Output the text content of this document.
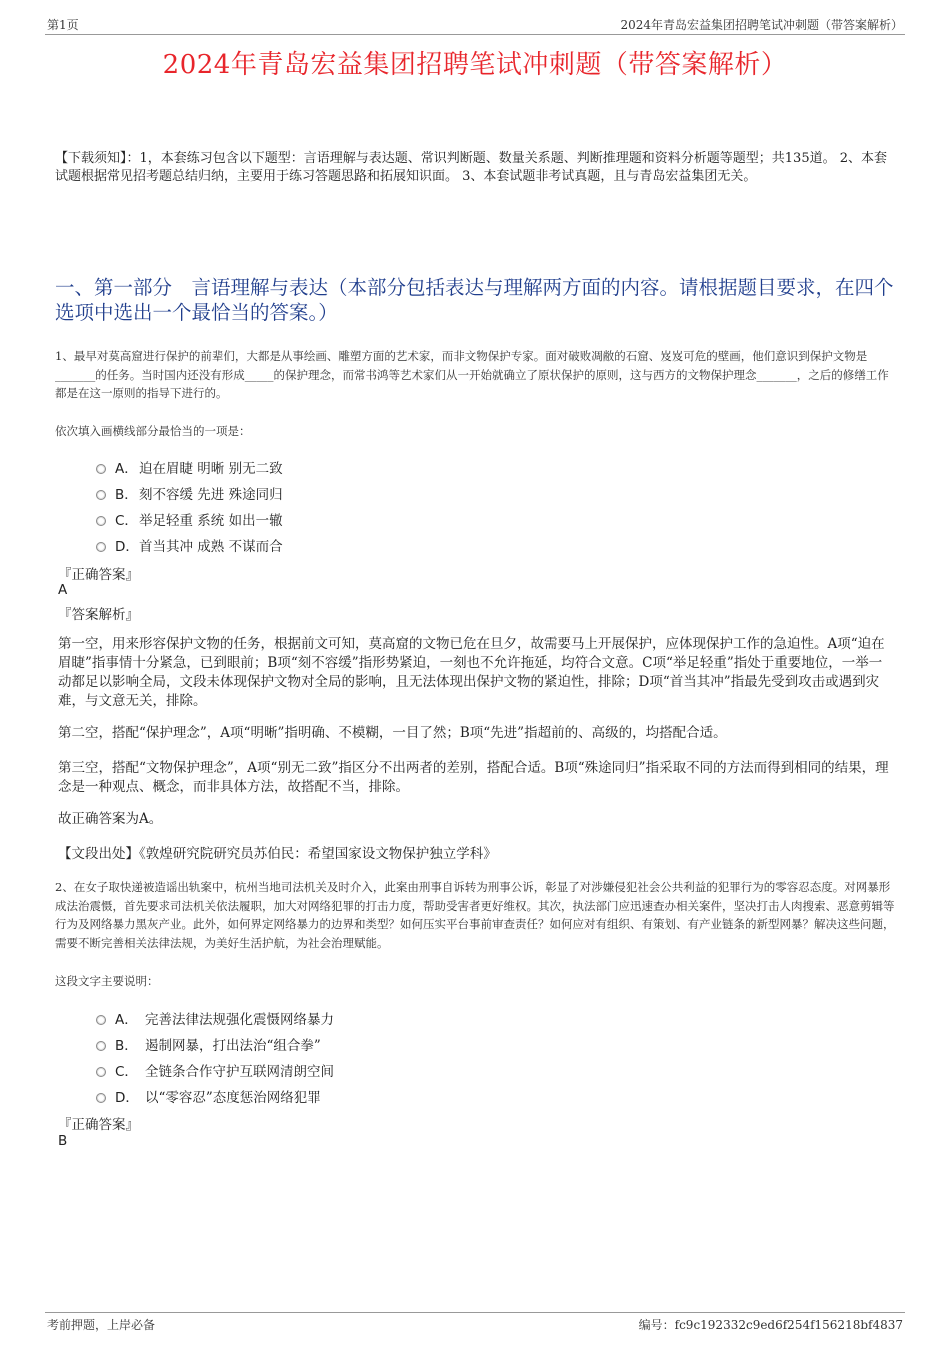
第1页	2024年青岛宏益集团招聘笔试冲刺题（带答案解析）
2024年青岛宏益集团招聘笔试冲刺题（带答案解析）
【下载须知】：1，本套练习包含以下题型：言语理解与表达题、常识判断题、数量关系题、判断推理题和资料分析题等题型；共135道。 2、本套试题根据常见招考题总结归纳，主要用于练习答题思路和拓展知识面。 3、本套试题非考试真题，且与青岛宏益集团无关。
一、第一部分　言语理解与表达（本部分包括表达与理解两方面的内容。请根据题目要求，在四个选项中选出一个最恰当的答案。）
1、最早对莫高窟进行保护的前辈们，大都是从事绘画、雕塑方面的艺术家，而非文物保护专家。面对破败凋敝的石窟、岌岌可危的壁画，他们意识到保护文物是_______的任务。当时国内还没有形成_____的保护理念，而常书鸿等艺术家们从一开始就确立了原状保护的原则，这与西方的文物保护理念_______，之后的修缮工作都是在这一原则的指导下进行的。
依次填入画横线部分最恰当的一项是：
A．迫在眉睫 明晰 别无二致
B．刻不容缓 先进 殊途同归
C．举足轻重 系统 如出一辙
D．首当其冲 成熟 不谋而合
『正确答案』
A
『答案解析』
第一空，用来形容保护文物的任务，根据前文可知，莫高窟的文物已危在旦夕，故需要马上开展保护，应体现保护工作的急迫性。A项“迫在眉睫”指事情十分紧急，已到眼前；B项“刻不容缓”指形势紧迫，一刻也不允许拖延，均符合文意。C项“举足轻重”指处于重要地位，一举一动都足以影响全局，文段未体现保护文物对全局的影响，且无法体现出保护文物的紧迫性，排除；D项“首当其冲”指最先受到攻击或遇到灾难，与文意无关，排除。
第二空，搭配“保护理念”，A项“明晰”指明确、不模糊，一目了然；B项“先进”指超前的、高级的，均搭配合适。
第三空，搭配“文物保护理念”，A项“别无二致”指区分不出两者的差别，搭配合适。B项“殊途同归”指采取不同的方法而得到相同的结果，理念是一种观点、概念，而非具体方法，故搭配不当，排除。
故正确答案为A。
【文段出处】《敦煌研究院研究员苏伯民：希望国家设文物保护独立学科》
2、在女子取快递被造谣出轨案中，杭州当地司法机关及时介入，此案由刑事自诉转为刑事公诉，彰显了对涉嫌侵犯社会公共利益的犯罪行为的零容忍态度。对网暴形成法治震慑，首先要求司法机关依法履职，加大对网络犯罪的打击力度，帮助受害者更好维权。其次，执法部门应迅速查办相关案件，坚决打击人肉搜索、恶意剪辑等行为及网络暴力黑灰产业。此外，如何界定网络暴力的边界和类型？如何压实平台事前审查责任？如何应对有组织、有策划、有产业链条的新型网暴？解决这些问题，需要不断完善相关法律法规，为美好生活护航，为社会治理赋能。
这段文字主要说明：
A． 完善法律法规强化震慑网络暴力
B． 遏制网暴，打出法治“组合拳”
C． 全链条合作守护互联网清朗空间
D． 以“零容忍”态度惩治网络犯罪
『正确答案』
B
考前押题，上岸必备	编号：fc9c192332c9ed6f254f156218bf4837
